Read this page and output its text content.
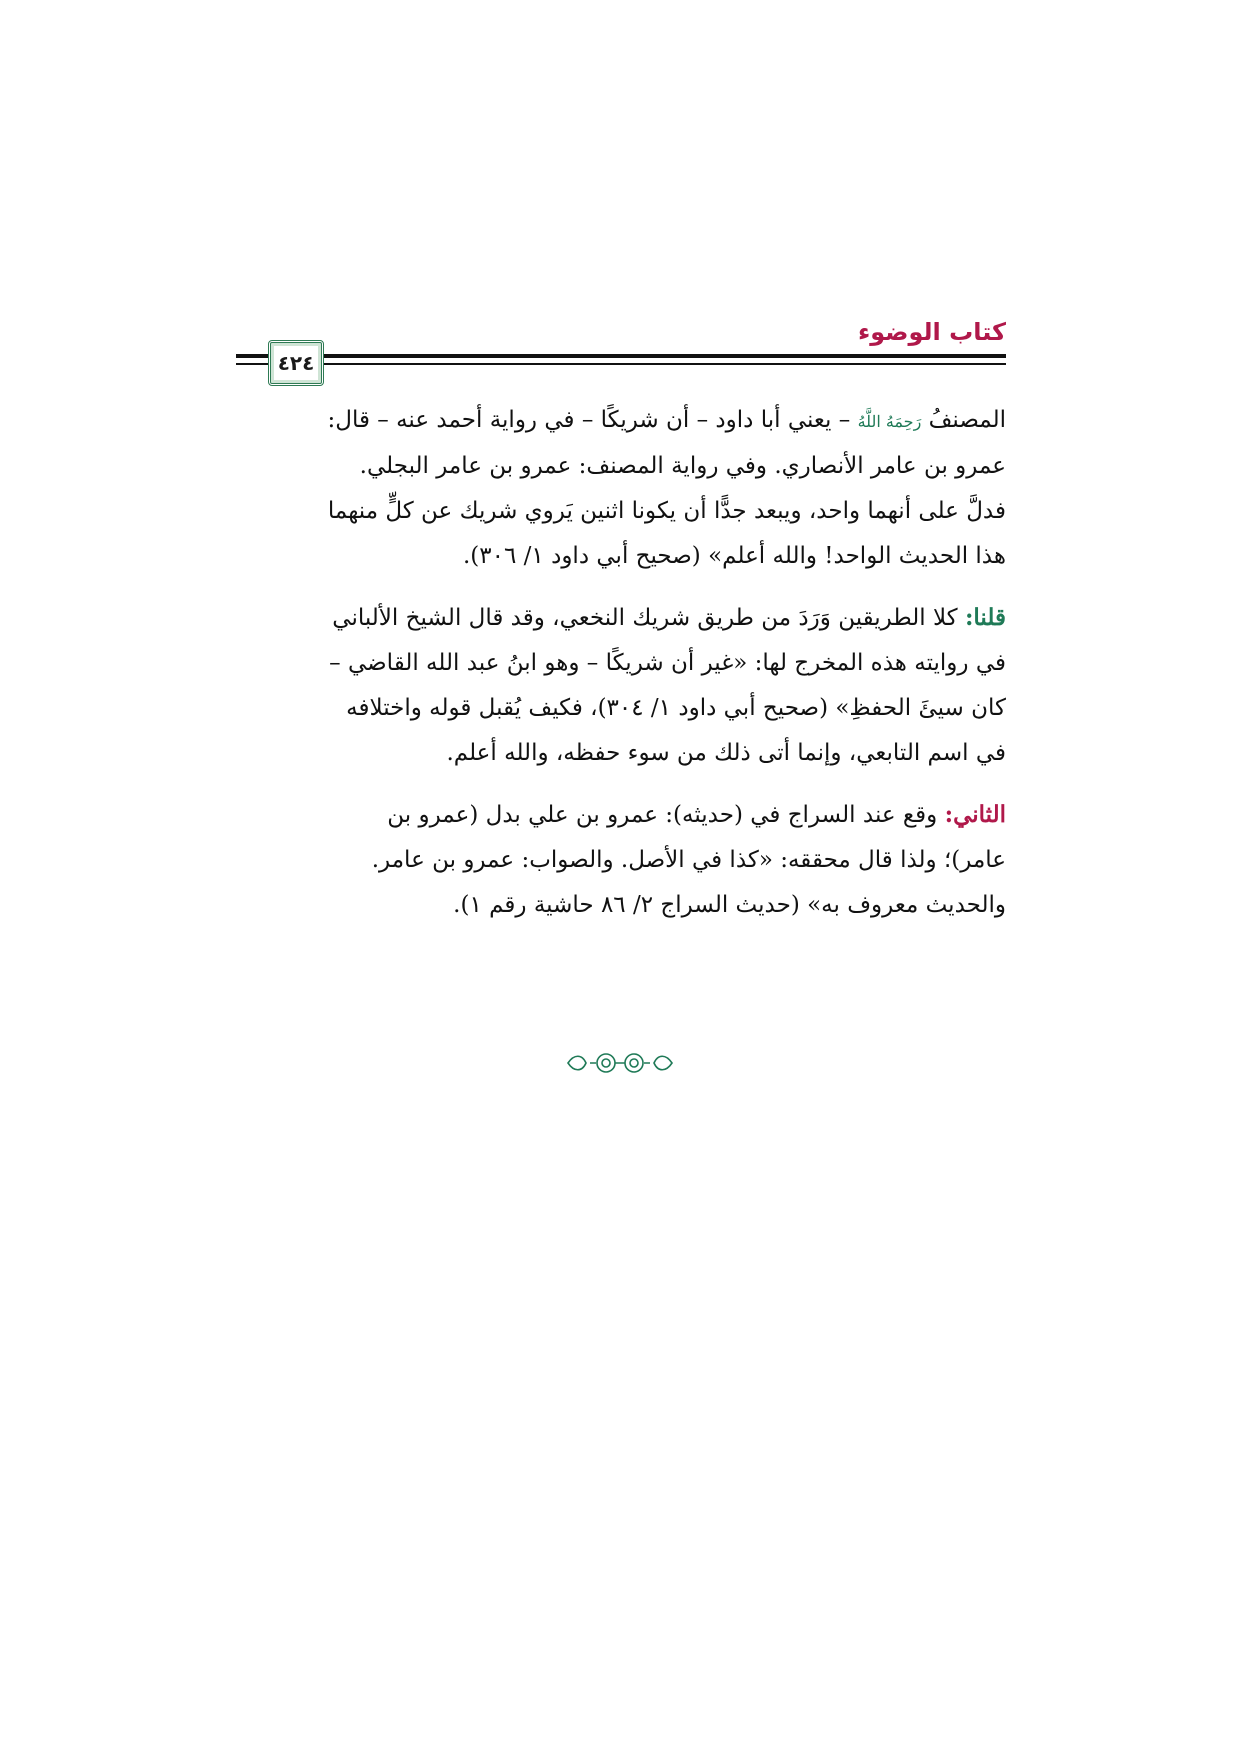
كتاب الوضوء
٤٢٤

المصنفُ رَحِمَهُ اللَّهُ – يعني أبا داود – أن شريكًا – في رواية أحمد عنه – قال:
عمرو بن عامر الأنصاري. وفي رواية المصنف: عمرو بن عامر البجلي.
فدلَّ على أنهما واحد، ويبعد جدًّا أن يكونا اثنين يَروي شريك عن كلٍّ منهما
هذا الحديث الواحد! والله أعلم» (صحيح أبي داود ١/ ٣٠٦).

قلنا: كلا الطريقين وَرَدَ من طريق شريك النخعي، وقد قال الشيخ الألباني
في روايته هذه المخرج لها: «غير أن شريكًا – وهو ابنُ عبد الله القاضي –
كان سيئَ الحفظِ» (صحيح أبي داود ١/ ٣٠٤)، فكيف يُقبل قوله واختلافه
في اسم التابعي، وإنما أتى ذلك من سوء حفظه، والله أعلم.

الثاني: وقع عند السراج في (حديثه): عمرو بن علي بدل (عمرو بن
عامر)؛ ولذا قال محققه: «كذا في الأصل. والصواب: عمرو بن عامر.
والحديث معروف به» (حديث السراج ٢/ ٨٦ حاشية رقم ١).
